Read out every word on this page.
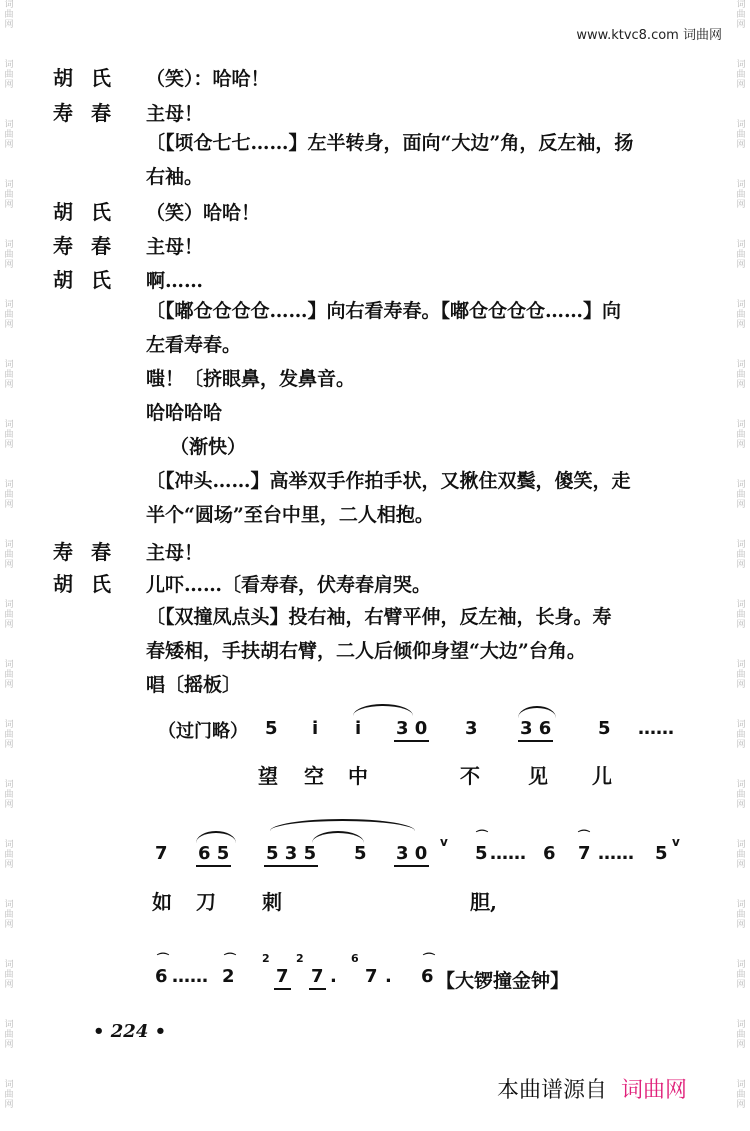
词
曲
网
词
曲
网
词
曲
网
词
曲
网
词
曲
网
词
曲
网
词
曲
网
词
曲
网
词
曲
网
词
曲
网
词
曲
网
词
曲
网
词
曲
网
词
曲
网
词
曲
网
词
曲
网
词
曲
网
词
曲
网
词
曲
网
词
曲
网
词
曲
网
词
曲
网
词
曲
网
词
曲
网
词
曲
网
词
曲
网
词
曲
网
词
曲
网
词
曲
网
词
曲
网
词
曲
网
词
曲
网
词
曲
网
词
曲
网
词
曲
网
词
曲
网
词
曲
网
词
曲
网
www.ktvc8.com 词曲网
胡氏 （笑）：哈哈！
寿春 主母！
〔【顷仓七七……】左半转身，面向“大边”角，反左袖，扬
右袖。
胡氏 （笑）哈哈！
寿春 主母！
胡氏 啊……
〔【嘟仓仓仓仓……】向右看寿春。【嘟仓仓仓仓……】向
左看寿春。
嗤！〔挤眼鼻，发鼻音。
哈哈哈哈
（渐快）
〔【冲头……】高举双手作拍手状，又揪住双鬓，傻笑，走
半个“圆场”至台中里，二人相抱。
寿春 主母！
胡氏 儿吓……〔看寿春，伏寿春肩哭。
〔【双撞凤点头】投右袖，右臂平伸，反左袖，长身。寿
春矮相，手扶胡右臂，二人后倾仰身望“大边”台角。
唱〔摇板〕
（过门略） 5 i i 3 0 3 3 6	5 ……
望 空 中	不 见 儿
7 6 5 5 3 5 5 3 0
v
5 …… 6 7 …… 5
v
⌒	⌒
如 刀 刺	胆,
6
⌒
…… 2
⌒ 2
7
2
7 .
6
7 . 6
⌒
【大锣撞金钟】
• 224 •
本曲谱源自 词曲网
